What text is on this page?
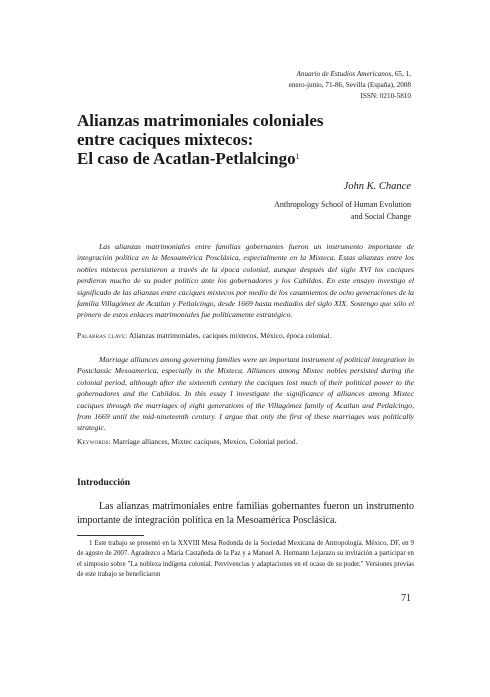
Anuario de Estudios Americanos, 65, 1,
enero-junio, 71-86, Sevilla (España), 2008
ISSN: 0210-5810
Alianzas matrimoniales coloniales
entre caciques mixtecos:
El caso de Acatlan-Petlalcingo$^1$
John K. Chance
Anthropology School of Human Evolution
and Social Change

Las alianzas matrimoniales entre familias gobernantes fueron un instrumento importante de integración política en la Mesoamérica Posclásica, especialmente en la Mixteca. Estas alianzas entre los nobles mixtecos persistieron a través de la época colonial, aunque después del siglo XVI los caciques perdieron mucho de su poder político ante los gobernadores y los Cabildos. En este ensayo investigo el significado de las alianzas entre caciques mixtecos por medio de los casamientos de ocho generaciones de la familia Villagómez de Acatlan y Petlalcingo, desde 1669 hasta mediados del siglo XIX. Sostengo que sólo el primero de estos enlaces matrimoniales fue políticamente estratégico.

Palabras clave: Alianzas matrimoniales, caciques mixtecos, México, época colonial.

Marriage alliances among governing families were an important instrument of political integration in Postclassic Mesoamerica, especially in the Mixteca. Alliances among Mixtec nobles persisted during the colonial period, although after the sixteenth century the caciques lost much of their political power to the gobernadores and the Cabildos. In this essay I investigate the significance of alliances among Mixtec caciques through the marriages of eight generations of the Villagómez family of Acatlan and Petlalcingo, from 1669 until the mid-nineteenth century. I argue that only the first of these marriages was politically strategic.

Keywords: Marriage alliances, Mixtec caciques, Mexico, Colonial period.

Introducción

Las alianzas matrimoniales entre familias gobernantes fueron un instrumento importante de integración política en la Mesoamérica Posclásica.

1 Este trabajo se presentó en la XXVIII Mesa Redonda de la Sociedad Mexicana de Antropología. México, DF, en 9 de agosto de 2007. Agradezco a María Castañeda de la Paz y a Manuel A. Hermann Lejarazu su invitación a participar en el simposio sobre "La nobleza indígena colonial. Pervivencias y adaptaciones en el ocaso de su poder." Versiones previas de este trabajo se beneficiaron

71
